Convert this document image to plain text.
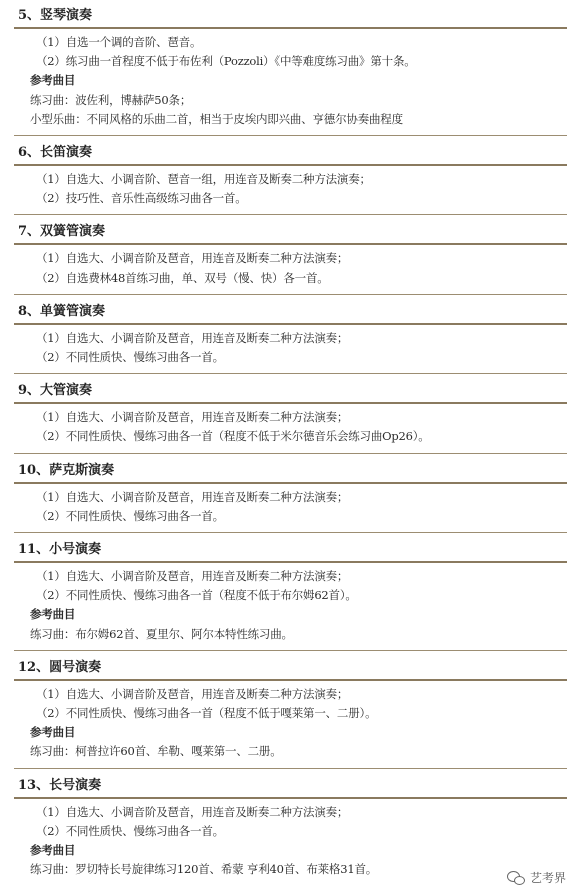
5、竖琴演奏
（1）自选一个调的音阶、琶音。
（2）练习曲一首程度不低于布佐利（Pozzoli）《中等难度练习曲》第十条。
参考曲目
练习曲：波佐利，博赫萨50条；
小型乐曲：不同风格的乐曲二首，相当于皮埃内即兴曲、亨德尔协奏曲程度
6、长笛演奏
（1）自选大、小调音阶、琶音一组，用连音及断奏二种方法演奏；
（2）技巧性、音乐性高级练习曲各一首。
7、双簧管演奏
（1）自选大、小调音阶及琶音，用连音及断奏二种方法演奏；
（2）自选费林48首练习曲，单、双号（慢、快）各一首。
8、单簧管演奏
（1）自选大、小调音阶及琶音，用连音及断奏二种方法演奏；
（2）不同性质快、慢练习曲各一首。
9、大管演奏
（1）自选大、小调音阶及琶音，用连音及断奏二种方法演奏；
（2）不同性质快、慢练习曲各一首（程度不低于米尔德音乐会练习曲Op26）。
10、萨克斯演奏
（1）自选大、小调音阶及琶音，用连音及断奏二种方法演奏；
（2）不同性质快、慢练习曲各一首。
11、小号演奏
（1）自选大、小调音阶及琶音，用连音及断奏二种方法演奏；
（2）不同性质快、慢练习曲各一首（程度不低于布尔姆62首）。
参考曲目
练习曲：布尔姆62首、夏里尔、阿尔本特性练习曲。
12、圆号演奏
（1）自选大、小调音阶及琶音，用连音及断奏二种方法演奏；
（2）不同性质快、慢练习曲各一首（程度不低于嘎莱第一、二册）。
参考曲目
练习曲：柯普拉许60首、牟勒、嘎莱第一、二册。
13、长号演奏
（1）自选大、小调音阶及琶音，用连音及断奏二种方法演奏；
（2）不同性质快、慢练习曲各一首。
参考曲目
练习曲：罗切特长号旋律练习120首、希蒙 亨利40首、布莱格31首。
艺考界
